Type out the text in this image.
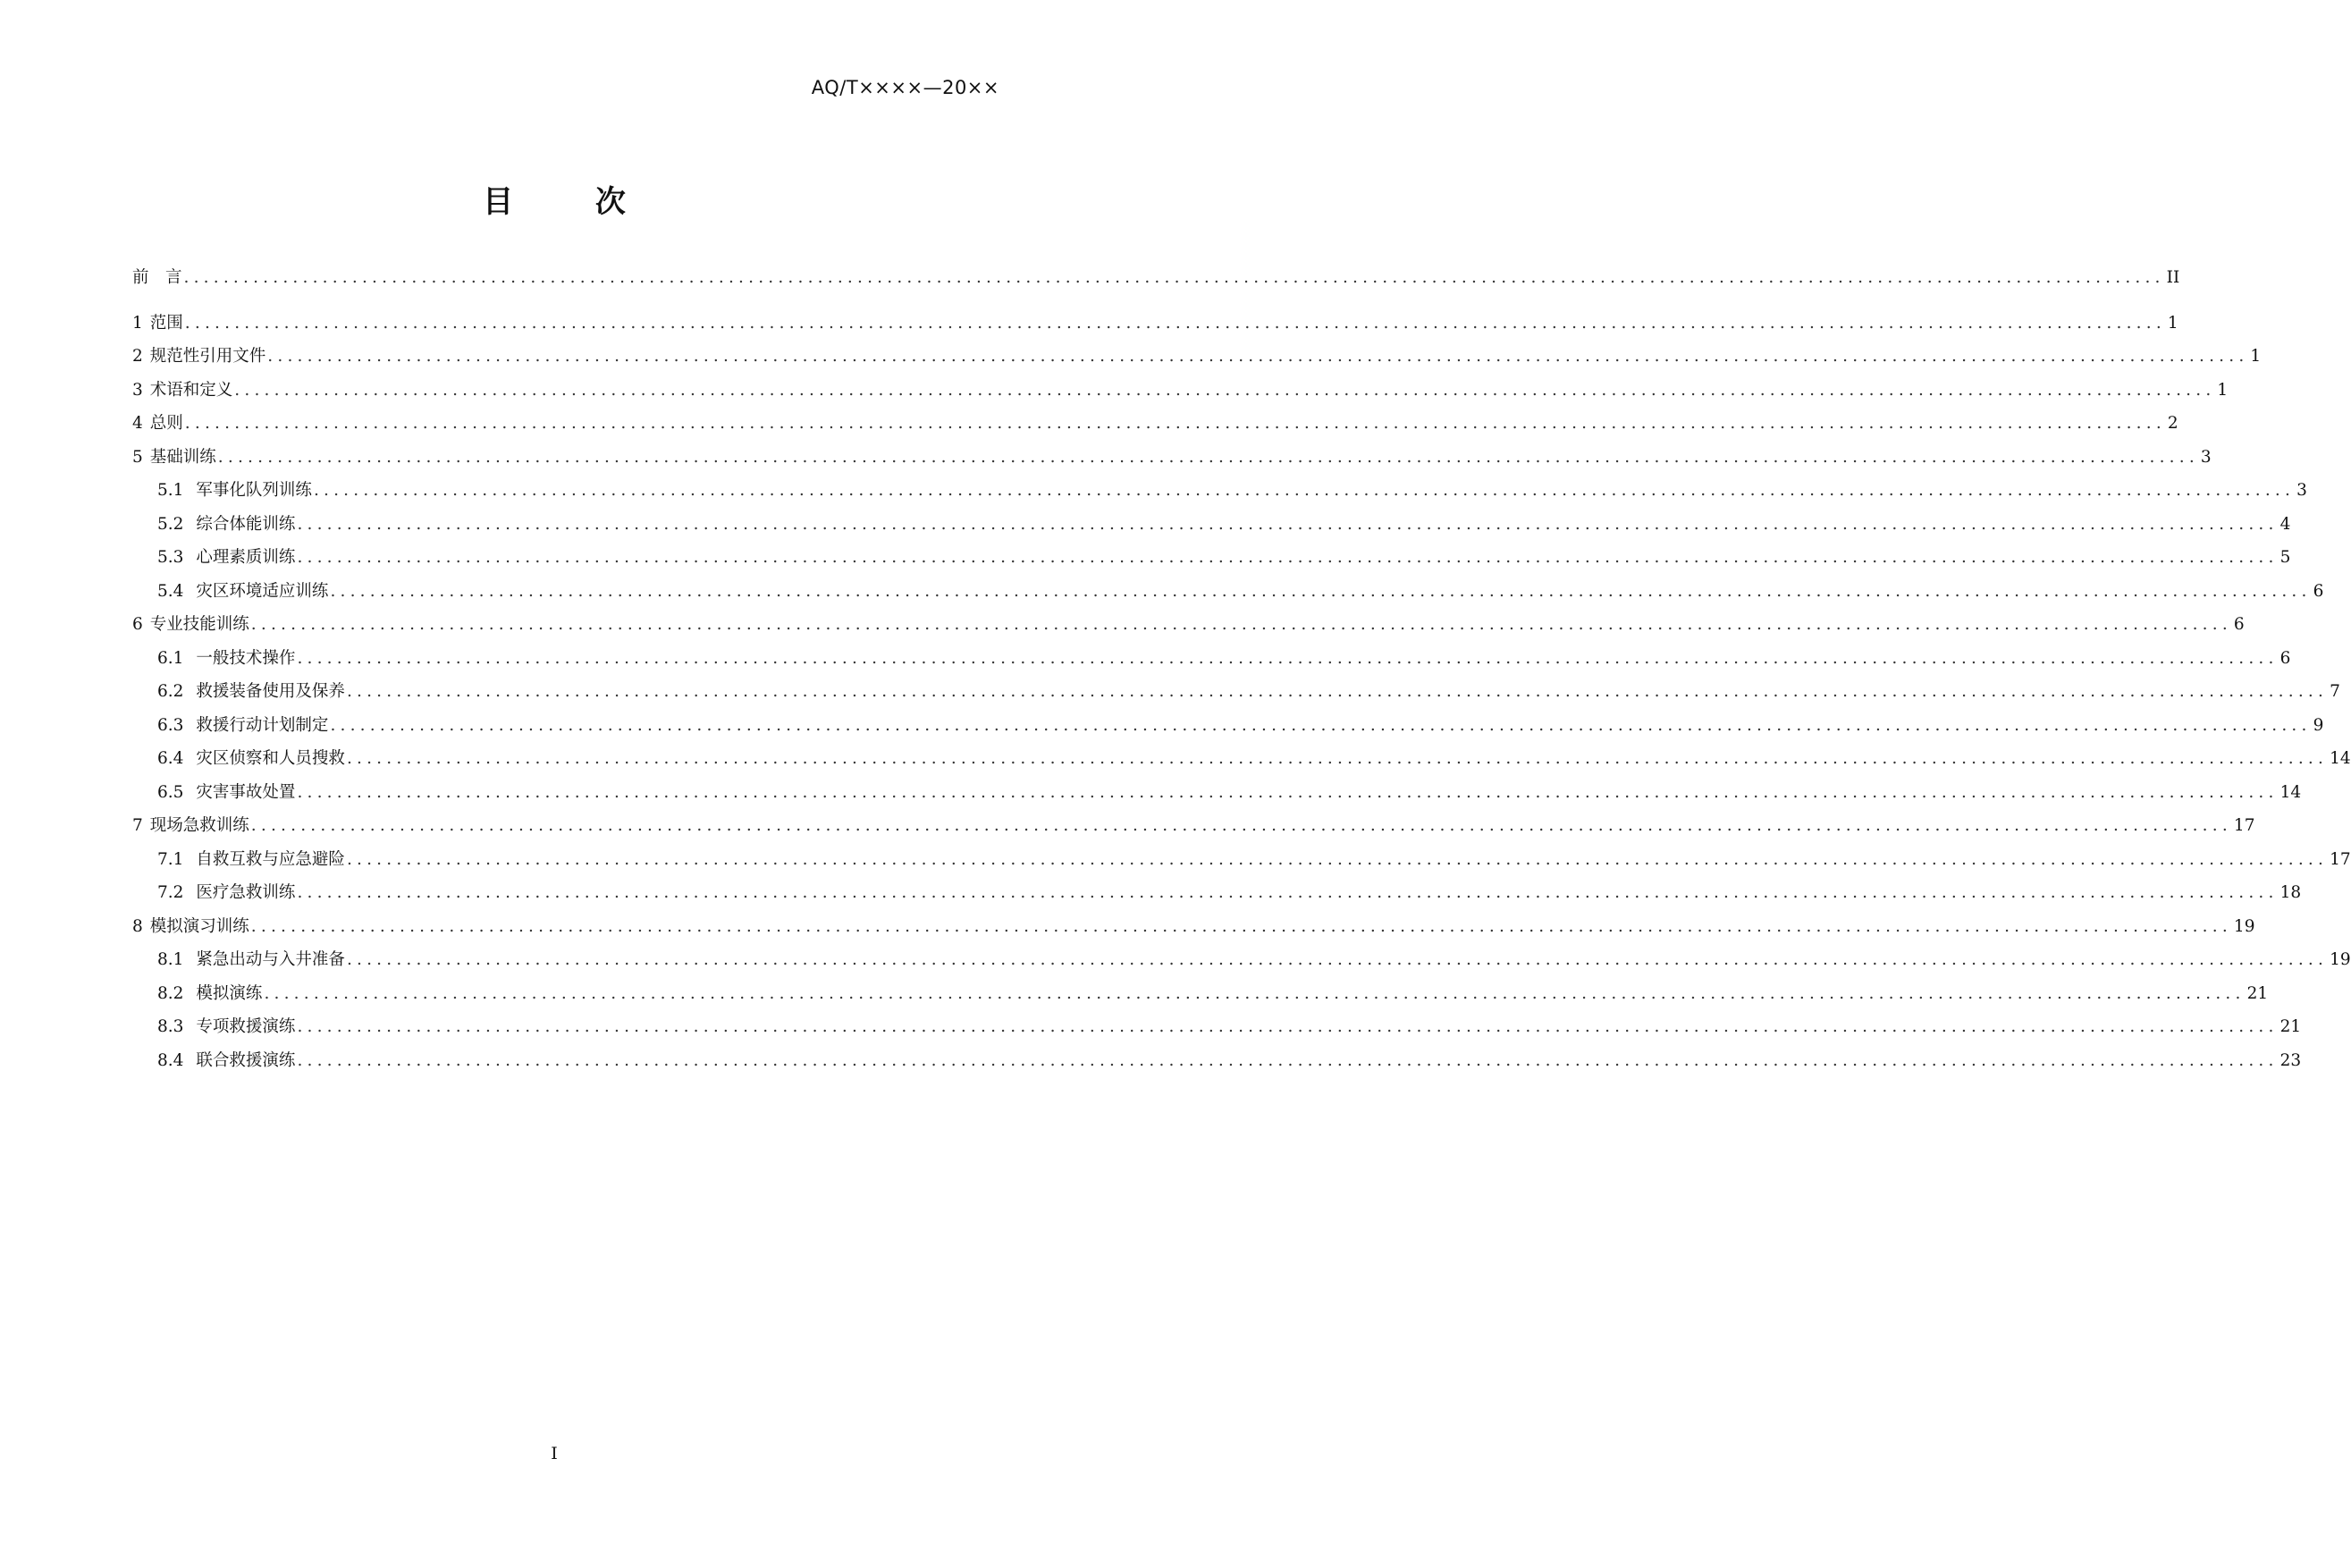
AQ/T××××—20××
目 次
前　言 ........................................................................................................................................................................................................ II
1 范围 ........................................................................................................................................................................................................ 1
2 规范性引用文件 ........................................................................................................................................................................................................ 1
3 术语和定义 ........................................................................................................................................................................................................ 1
4 总则 ........................................................................................................................................................................................................ 2
5 基础训练 ........................................................................................................................................................................................................ 3
5.1 军事化队列训练 ........................................................................................................................................................................................................ 3
5.2 综合体能训练 ........................................................................................................................................................................................................ 4
5.3 心理素质训练 ........................................................................................................................................................................................................ 5
5.4 灾区环境适应训练 ........................................................................................................................................................................................................ 6
6 专业技能训练 ........................................................................................................................................................................................................ 6
6.1 一般技术操作 ........................................................................................................................................................................................................ 6
6.2 救援装备使用及保养 ........................................................................................................................................................................................................ 7
6.3 救援行动计划制定 ........................................................................................................................................................................................................ 9
6.4 灾区侦察和人员搜救 ........................................................................................................................................................................................................ 14
6.5 灾害事故处置 ........................................................................................................................................................................................................ 14
7 现场急救训练 ........................................................................................................................................................................................................ 17
7.1 自救互救与应急避险 ........................................................................................................................................................................................................ 17
7.2 医疗急救训练 ........................................................................................................................................................................................................ 18
8 模拟演习训练 ........................................................................................................................................................................................................ 19
8.1 紧急出动与入井准备 ........................................................................................................................................................................................................ 19
8.2 模拟演练 ........................................................................................................................................................................................................ 21
8.3 专项救援演练 ........................................................................................................................................................................................................ 21
8.4 联合救援演练 ........................................................................................................................................................................................................ 23
I
